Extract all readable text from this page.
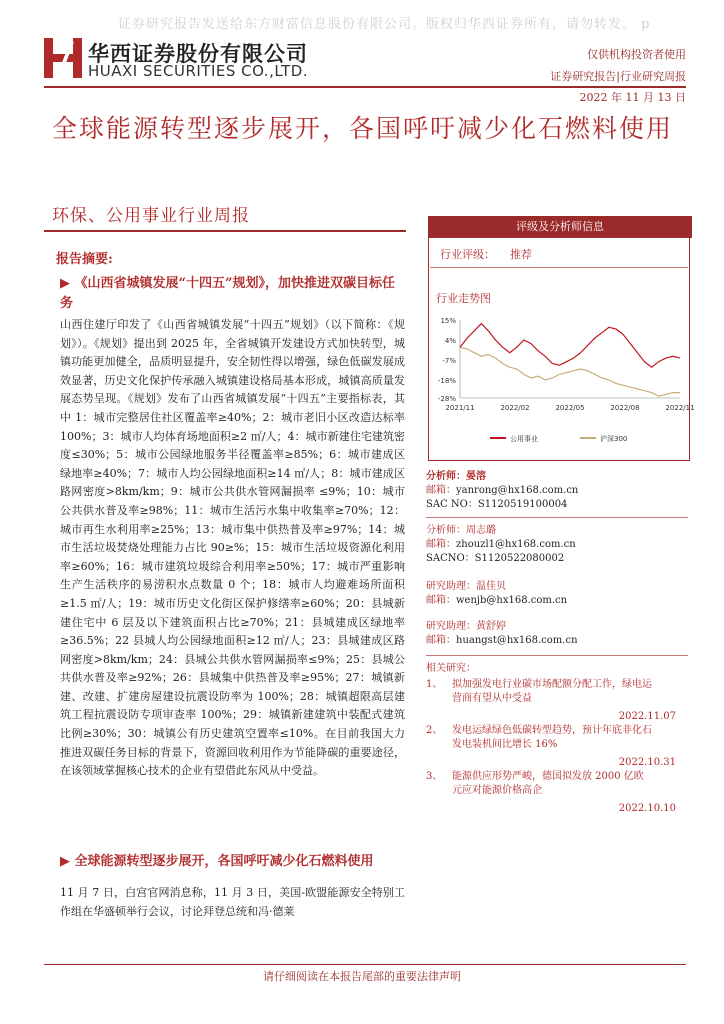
证券研究报告发送给东方财富信息股份有限公司。版权归华西证券所有，请勿转发。 p
华西证券股份有限公司
HUAXI SECURITIES CO.,LTD.
仅供机构投资者使用
证券研究报告|行业研究周报
2022 年 11 月 13 日
全球能源转型逐步展开，各国呼吁减少化石燃料使用
环保、公用事业行业周报
报告摘要:
▶ 《山西省城镇发展“十四五”规划》，加快推进双碳目标任务
山西住建厅印发了《山西省城镇发展“十四五”规划》（以下简称：《规划》）。《规划》提出到 2025 年，全省城镇开发建设方式加快转型，城镇功能更加健全，品质明显提升，安全韧性得以增强，绿色低碳发展成效显著，历史文化保护传承融入城镇建设格局基本形成，城镇高质量发展态势呈现。《规划》发布了山西省城镇发展“十四五”主要指标表，其中 1：城市完整居住社区覆盖率≥40%；2：城市老旧小区改造达标率 100%；3：城市人均体育场地面积≥2 ㎡/人；4：城市新建住宅建筑密度≤30%；5：城市公园绿地服务半径覆盖率≥85%；6：城市建成区绿地率≥40%；7：城市人均公园绿地面积≥14 ㎡/人；8：城市建成区路网密度>8km/km；9：城市公共供水管网漏损率 ≤9%；10：城市公共供水普及率≥98%；11：城市生活污水集中收集率≥70%；12：城市再生水利用率≥25%；13：城市集中供热普及率≥97%；14：城市生活垃圾焚烧处理能力占比 90≥%；15：城市生活垃圾资源化利用率≥60%；16：城市建筑垃圾综合利用率≥50%；17：城市严重影响生产生活秩序的易涝积水点数量 0 个；18：城市人均避难场所面积≥1.5 ㎡/人；19：城市历史文化街区保护修缮率≥60%；20：县城新建住宅中 6 层及以下建筑面积占比≥70%；21：县城建成区绿地率≥36.5%；22 县城人均公园绿地面积≥12 ㎡/人；23：县城建成区路网密度>8km/km；24：县城公共供水管网漏损率≤9%；25：县城公共供水普及率≥92%；26：县城集中供热普及率≥95%；27：城镇新建、改建、扩建房屋建设抗震设防率为 100%；28：城镇超限高层建筑工程抗震设防专项审查率 100%；29：城镇新建建筑中装配式建筑比例≥30%；30：城镇公有历史建筑空置率≤10%。在目前我国大力推进双碳任务目标的背景下，资源回收利用作为节能降碳的重要途径，在该领域掌握核心技术的企业有望借此东风从中受益。
▶ 全球能源转型逐步展开，各国呼吁减少化石燃料使用
11 月 7 日，白宫官网消息称，11 月 3 日，美国-欧盟能源安全特别工作组在华盛顿举行会议，讨论拜登总统和冯·德莱
评级及分析师信息
行业评级： 推荐
行业走势图
15%
4%
-7%
-18%
-28%
2021/11	2022/02	2022/05	2022/08	2022/11
公用事业	沪深300
分析师：晏溶
邮箱：yanrong@hx168.com.cn
SAC NO：S1120519100004
分析师：周志璐
邮箱：zhouzl1@hx168.com.cn
SACNO：S1120522080002
研究助理：温佳贝
邮箱：wenjb@hx168.com.cn
研究助理：黄舒婷
邮箱：huangst@hx168.com.cn
相关研究：
1、 拟加强发电行业碳市场配额分配工作，绿电运营商有望从中受益
2022.11.07
2、 发电运绿绿色低碳转型趋势，预计年底非化石发电装机间比增长 16%
2022.10.31
3、 能源供应形势严峻，德国拟发放 2000 亿欧元应对能源价格高企
2022.10.10
请仔细阅读在本报告尾部的重要法律声明
